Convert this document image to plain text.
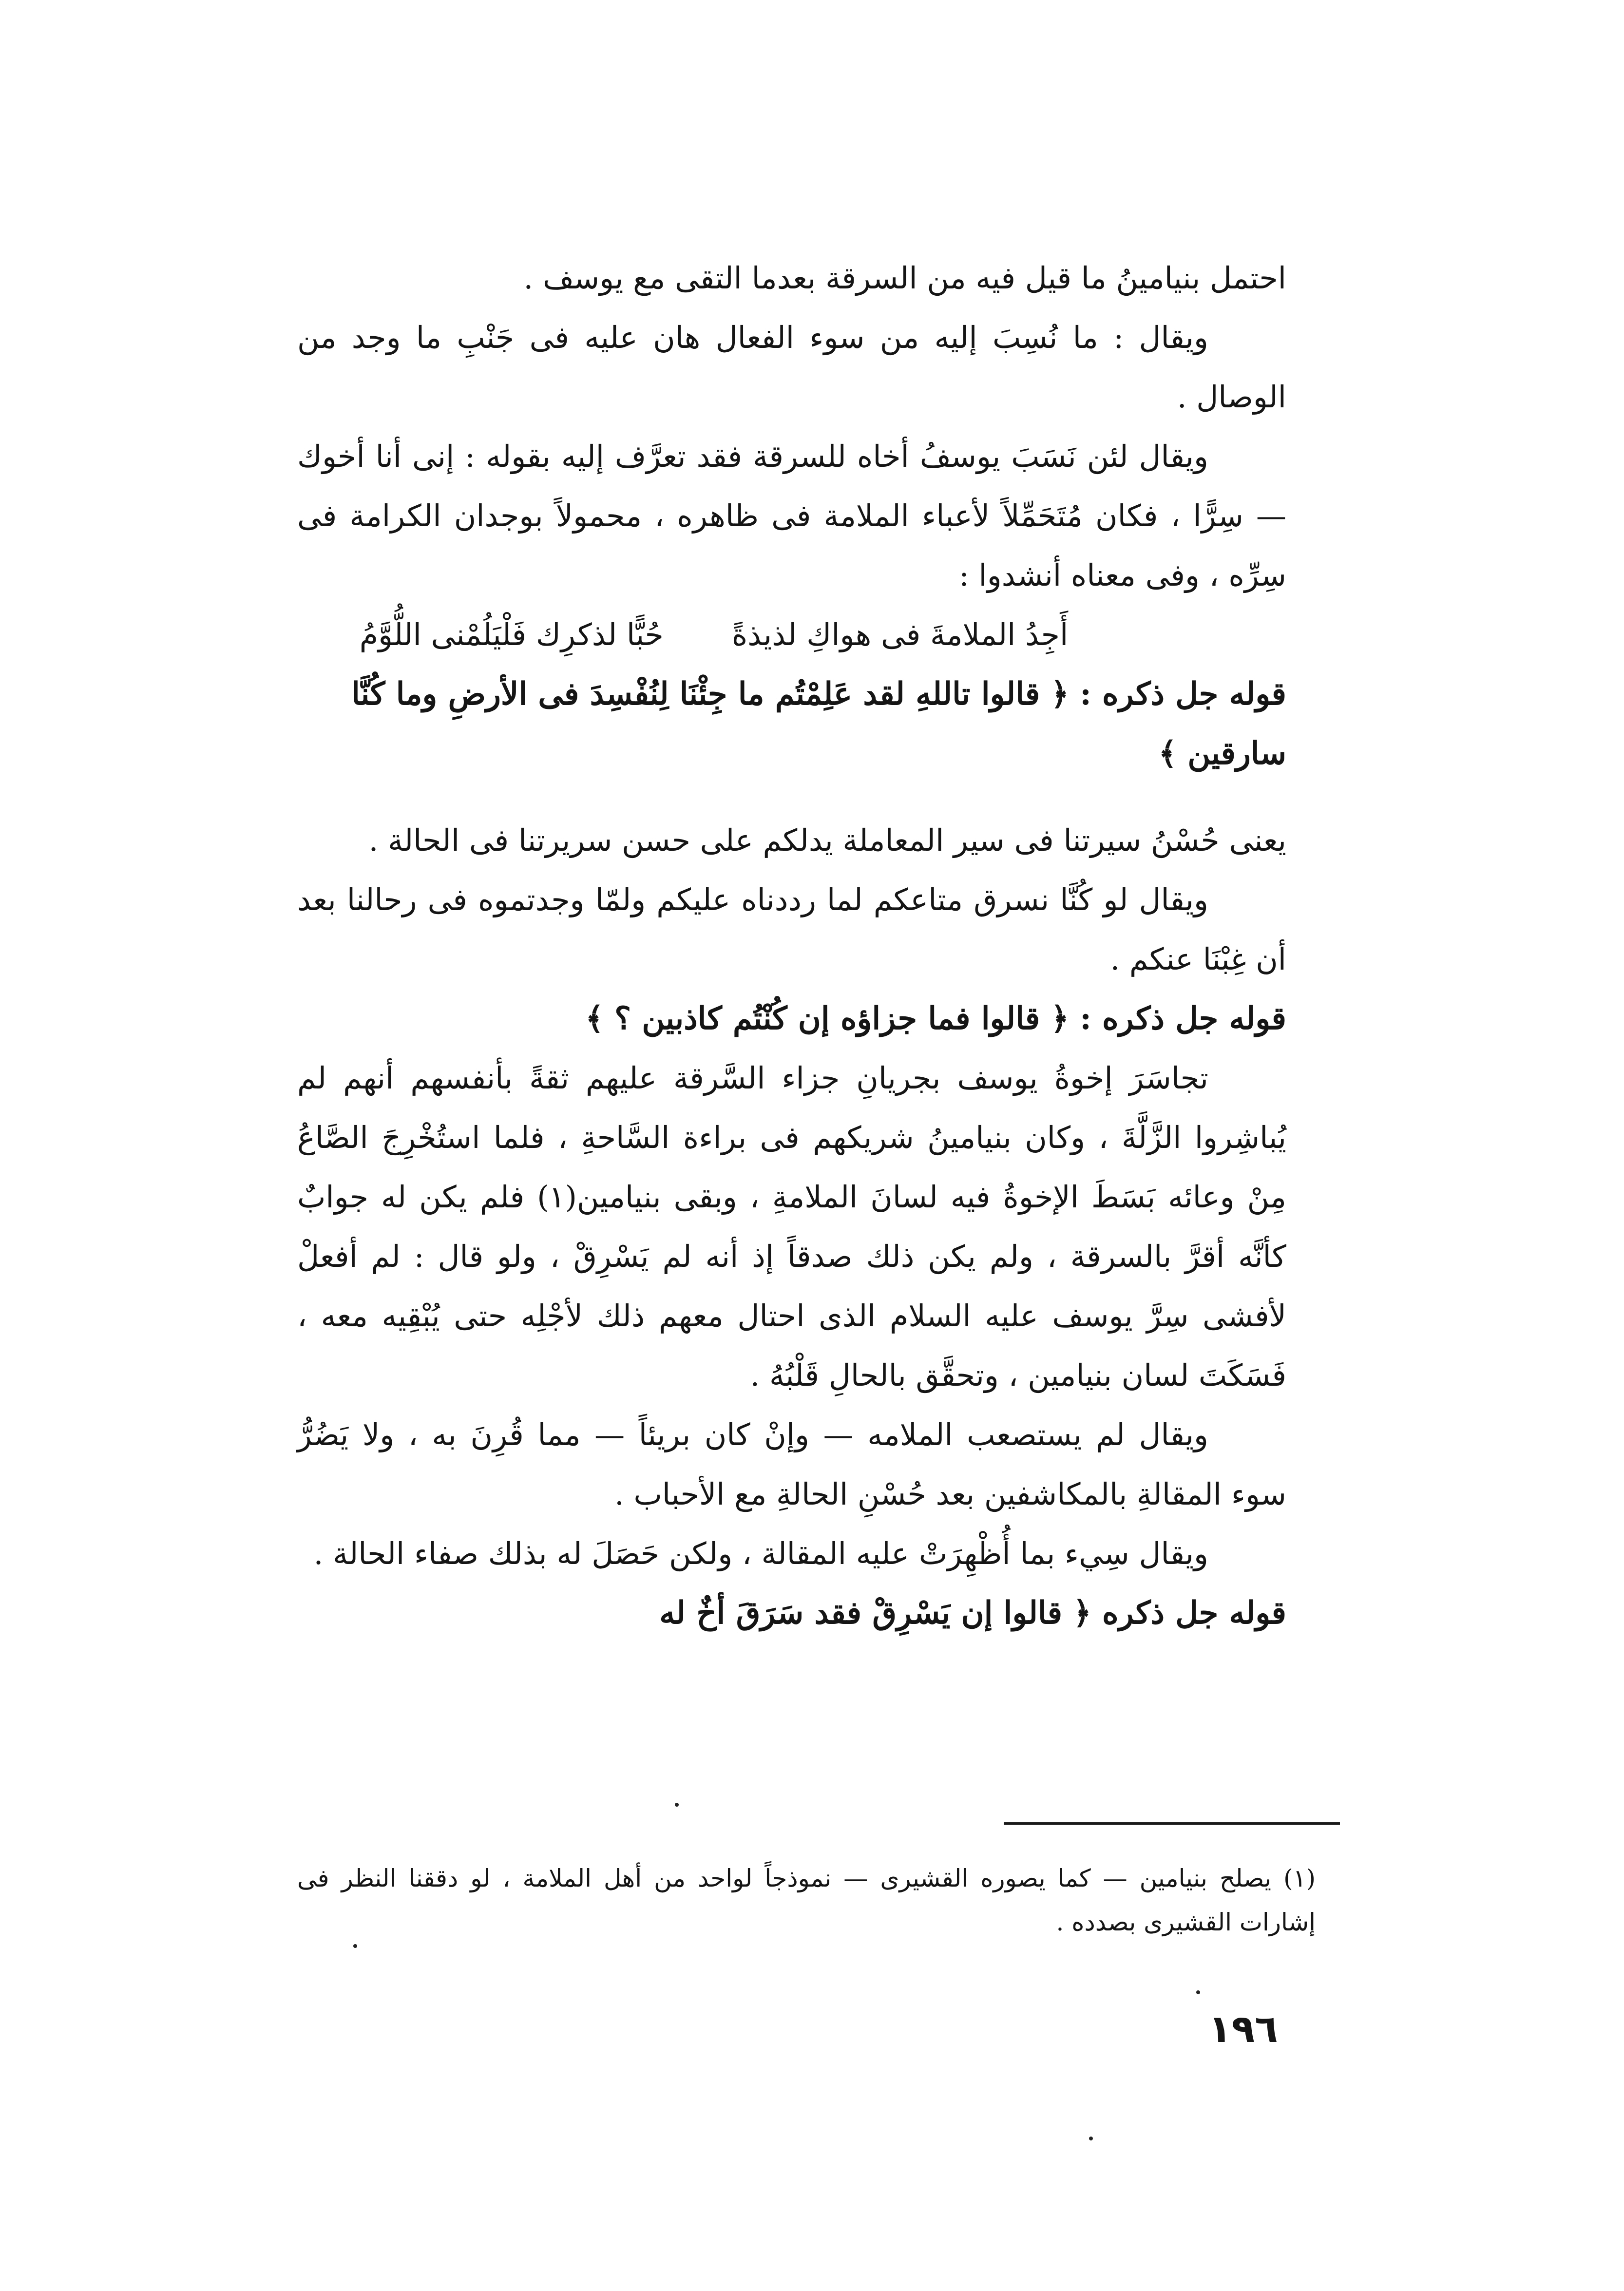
احتمل بنيامينُ ما قيل فيه من السرقة بعدما التقى مع يوسف .

ويقال : ما نُسِبَ إليه من سوء الفعال هان عليه فى جَنْبِ ما وجد من الوصال .

ويقال لئن نَسَبَ يوسفُ أخاه للسرقة فقد تعرَّف إليه بقوله : إنى أنا أخوك — سِرًّا ، فكان مُتَحَمِّلاً لأعباء الملامة فى ظاهره ، محمولاً بوجدان الكرامة فى سِرِّه ، وفى معناه أنشدوا :

أَجِدُ الملامةَ فى هواكِ لذيذةً
حُبًّا لذكرِك فَلْيَلُمْنى اللُّوَّمُ

قوله جل ذكره : ﴿ قالوا تاللهِ لقد عَلِمْتُم ما جِئْنَا لِنُفْسِدَ فى الأرضِ وما كُنَّا سارقين ﴾

يعنى حُسْنُ سيرتنا فى سير المعاملة يدلكم على حسن سريرتنا فى الحالة .

ويقال لو كُنَّا نسرق متاعكم لما رددناه عليكم ولمّا وجدتموه فى رحالنا بعد أن غِبْنَا عنكم .

قوله جل ذكره : ﴿ قالوا فما جزاؤه إن كُنْتُم كاذبين ؟ ﴾

تجاسَرَ إخوةُ يوسف بجريانِ جزاء السَّرقة عليهم ثقةً بأنفسهم أنهم لم يُباشِروا الزَّلَّةَ ، وكان بنيامينُ شريكهم فى براءة السَّاحةِ ، فلما استُخْرِجَ الصَّاعُ مِنْ وعائه بَسَطَ الإخوةُ فيه لسانَ الملامةِ ، وبقى بنيامين(١) فلم يكن له جوابٌ كأنَّه أقرَّ بالسرقة ، ولم يكن ذلك صدقاً إذ أنه لم يَسْرِقْ ، ولو قال : لم أفعلْ لأفشى سِرَّ يوسف عليه السلام الذى احتال معهم ذلك لأجْلِه حتى يُبْقِيه معه ، فَسَكَتَ لسان بنيامين ، وتحقَّق بالحالِ قَلْبُهُ .

ويقال لم يستصعب الملامه — وإنْ كان بريئاً — مما قُرِنَ به ، ولا يَضُرُّ سوء المقالةِ بالمكاشفين بعد حُسْنِ الحالةِ مع الأحباب .

ويقال سِيء بما أُظْهِرَتْ عليه المقالة ، ولكن حَصَلَ له بذلك صفاء الحالة .

قوله جل ذكره ﴿ قالوا إن يَسْرِقْ فقد سَرَقَ أخٌ له

(١) يصلح بنيامين — كما يصوره القشيرى — نموذجاً لواحد من أهل الملامة ، لو دققنا النظر فى إشارات القشيرى بصدده .

١٩٦
